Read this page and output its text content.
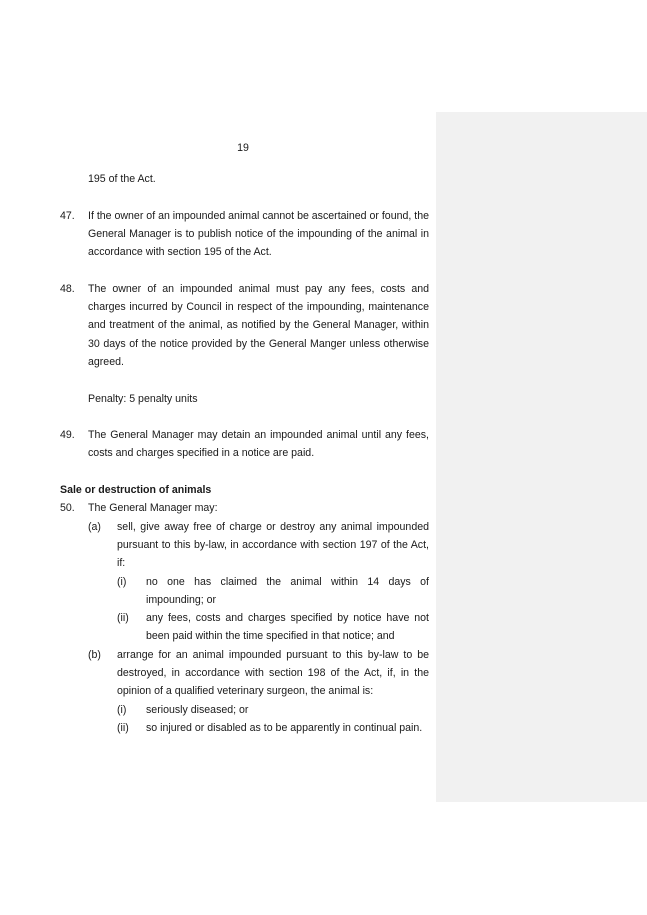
19
195 of the Act.
47. If the owner of an impounded animal cannot be ascertained or found, the General Manager is to publish notice of the impounding of the animal in accordance with section 195 of the Act.
48. The owner of an impounded animal must pay any fees, costs and charges incurred by Council in respect of the impounding, maintenance and treatment of the animal, as notified by the General Manager, within 30 days of the notice provided by the General Manger unless otherwise agreed.
Penalty: 5 penalty units
49. The General Manager may detain an impounded animal until any fees, costs and charges specified in a notice are paid.
Sale or destruction of animals
50. The General Manager may:
(a) sell, give away free of charge or destroy any animal impounded pursuant to this by-law, in accordance with section 197 of the Act, if:
(i) no one has claimed the animal within 14 days of impounding; or
(ii) any fees, costs and charges specified by notice have not been paid within the time specified in that notice; and
(b) arrange for an animal impounded pursuant to this by-law to be destroyed, in accordance with section 198 of the Act, if, in the opinion of a qualified veterinary surgeon, the animal is:
(i) seriously diseased; or
(ii) so injured or disabled as to be apparently in continual pain.
